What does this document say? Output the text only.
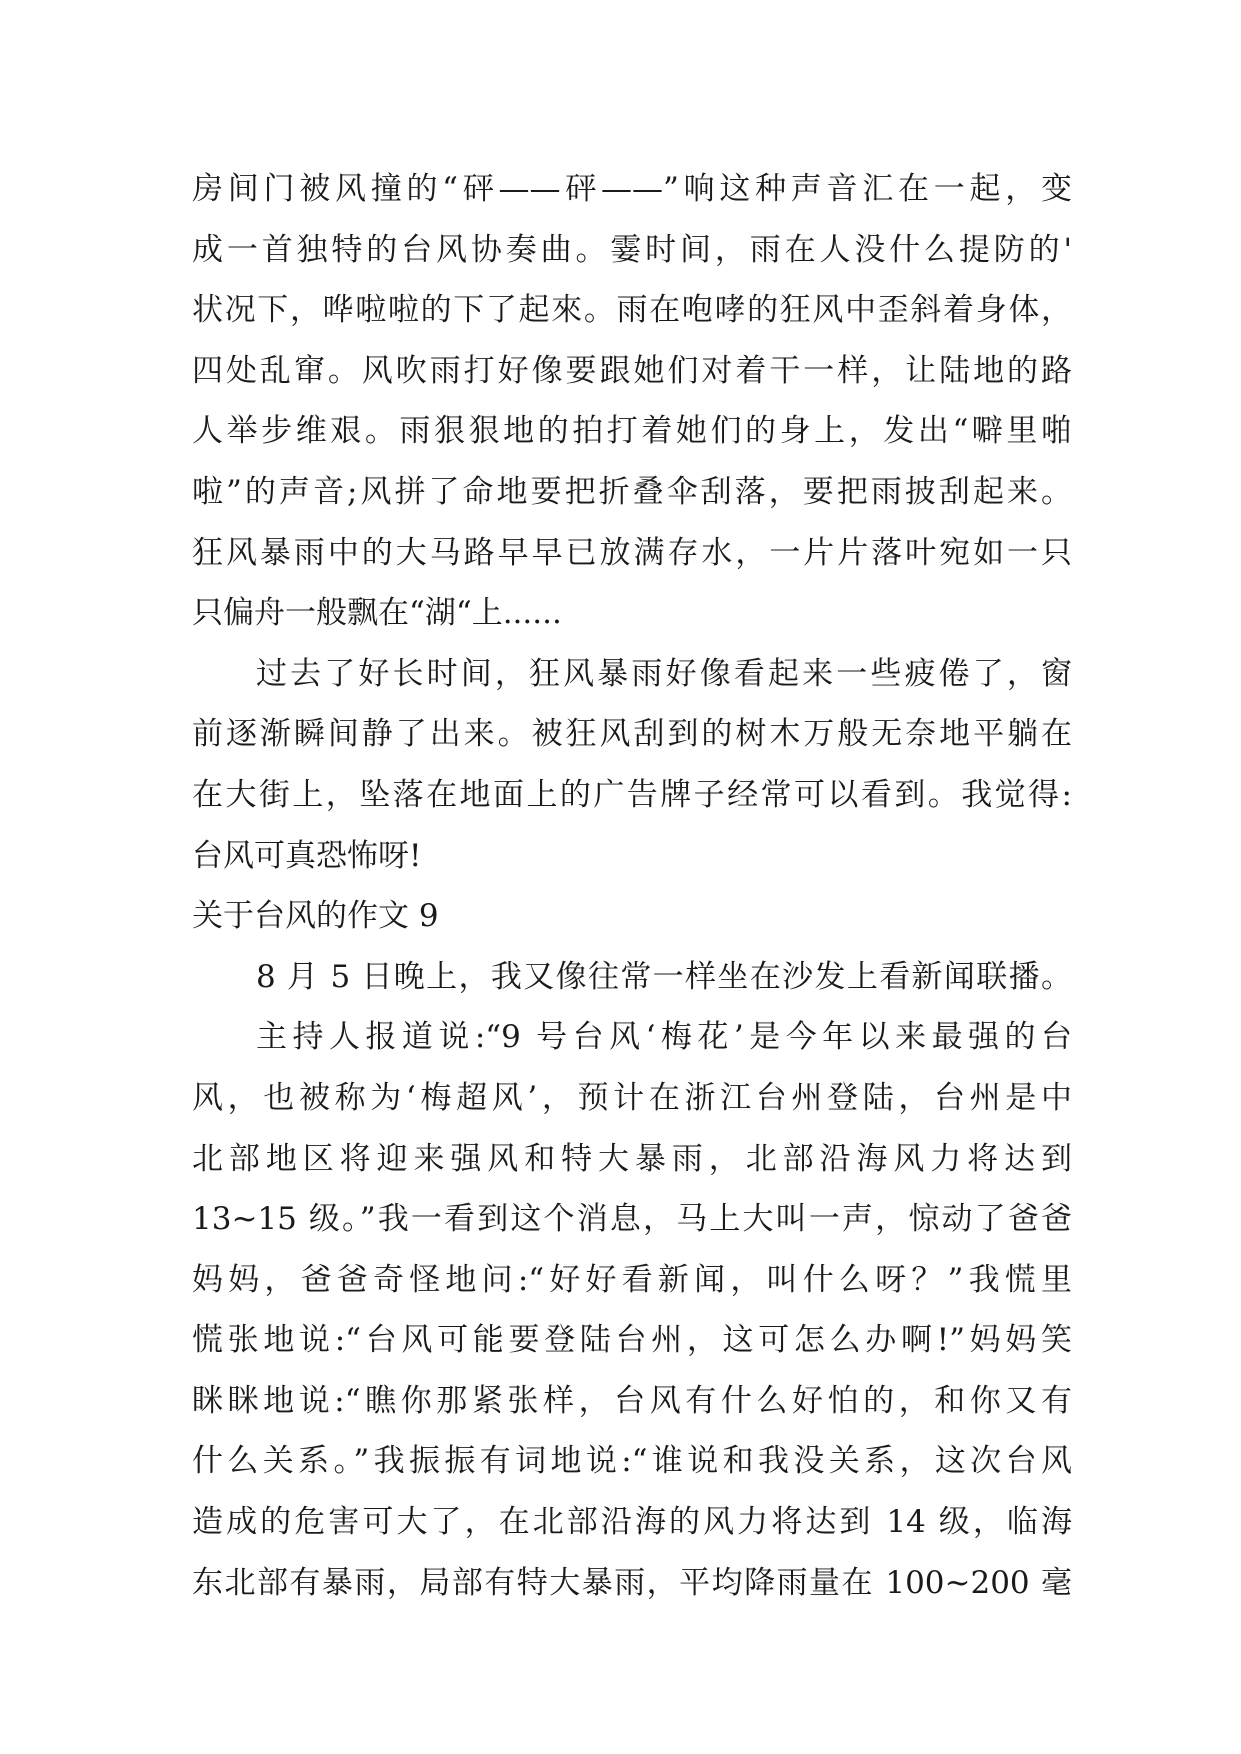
房间门被风撞的“砰——砰——”响这种声音汇在一起，变
成一首独特的台风协奏曲。霎时间，雨在人没什么提防的'
状况下，哗啦啦的下了起來。雨在咆哮的狂风中歪斜着身体，
四处乱窜。风吹雨打好像要跟她们对着干一样，让陆地的路
人举步维艰。雨狠狠地的拍打着她们的身上，发出“噼里啪
啦”的声音;风拼了命地要把折叠伞刮落，要把雨披刮起来。
狂风暴雨中的大马路早早已放满存水，一片片落叶宛如一只
只偏舟一般飘在“湖“上......
过去了好长时间，狂风暴雨好像看起来一些疲倦了，窗
前逐渐瞬间静了出来。被狂风刮到的树木万般无奈地平躺在
在大街上，坠落在地面上的广告牌子经常可以看到。我觉得:
台风可真恐怖呀!
关于台风的作文 9
8 月 5 日晚上，我又像往常一样坐在沙发上看新闻联播。
主持人报道说:“9 号台风‘梅花’是今年以来最强的台
风，也被称为‘梅超风’，预计在浙江台州登陆，台州是中
北部地区将迎来强风和特大暴雨，北部沿海风力将达到
13~15 级。”我一看到这个消息，马上大叫一声，惊动了爸爸
妈妈，爸爸奇怪地问:“好好看新闻，叫什么呀？”我慌里
慌张地说:“台风可能要登陆台州，这可怎么办啊!”妈妈笑
眯眯地说:“瞧你那紧张样，台风有什么好怕的，和你又有
什么关系。”我振振有词地说:“谁说和我没关系，这次台风
造成的危害可大了，在北部沿海的风力将达到 14 级，临海
东北部有暴雨，局部有特大暴雨，平均降雨量在 100~200 毫
